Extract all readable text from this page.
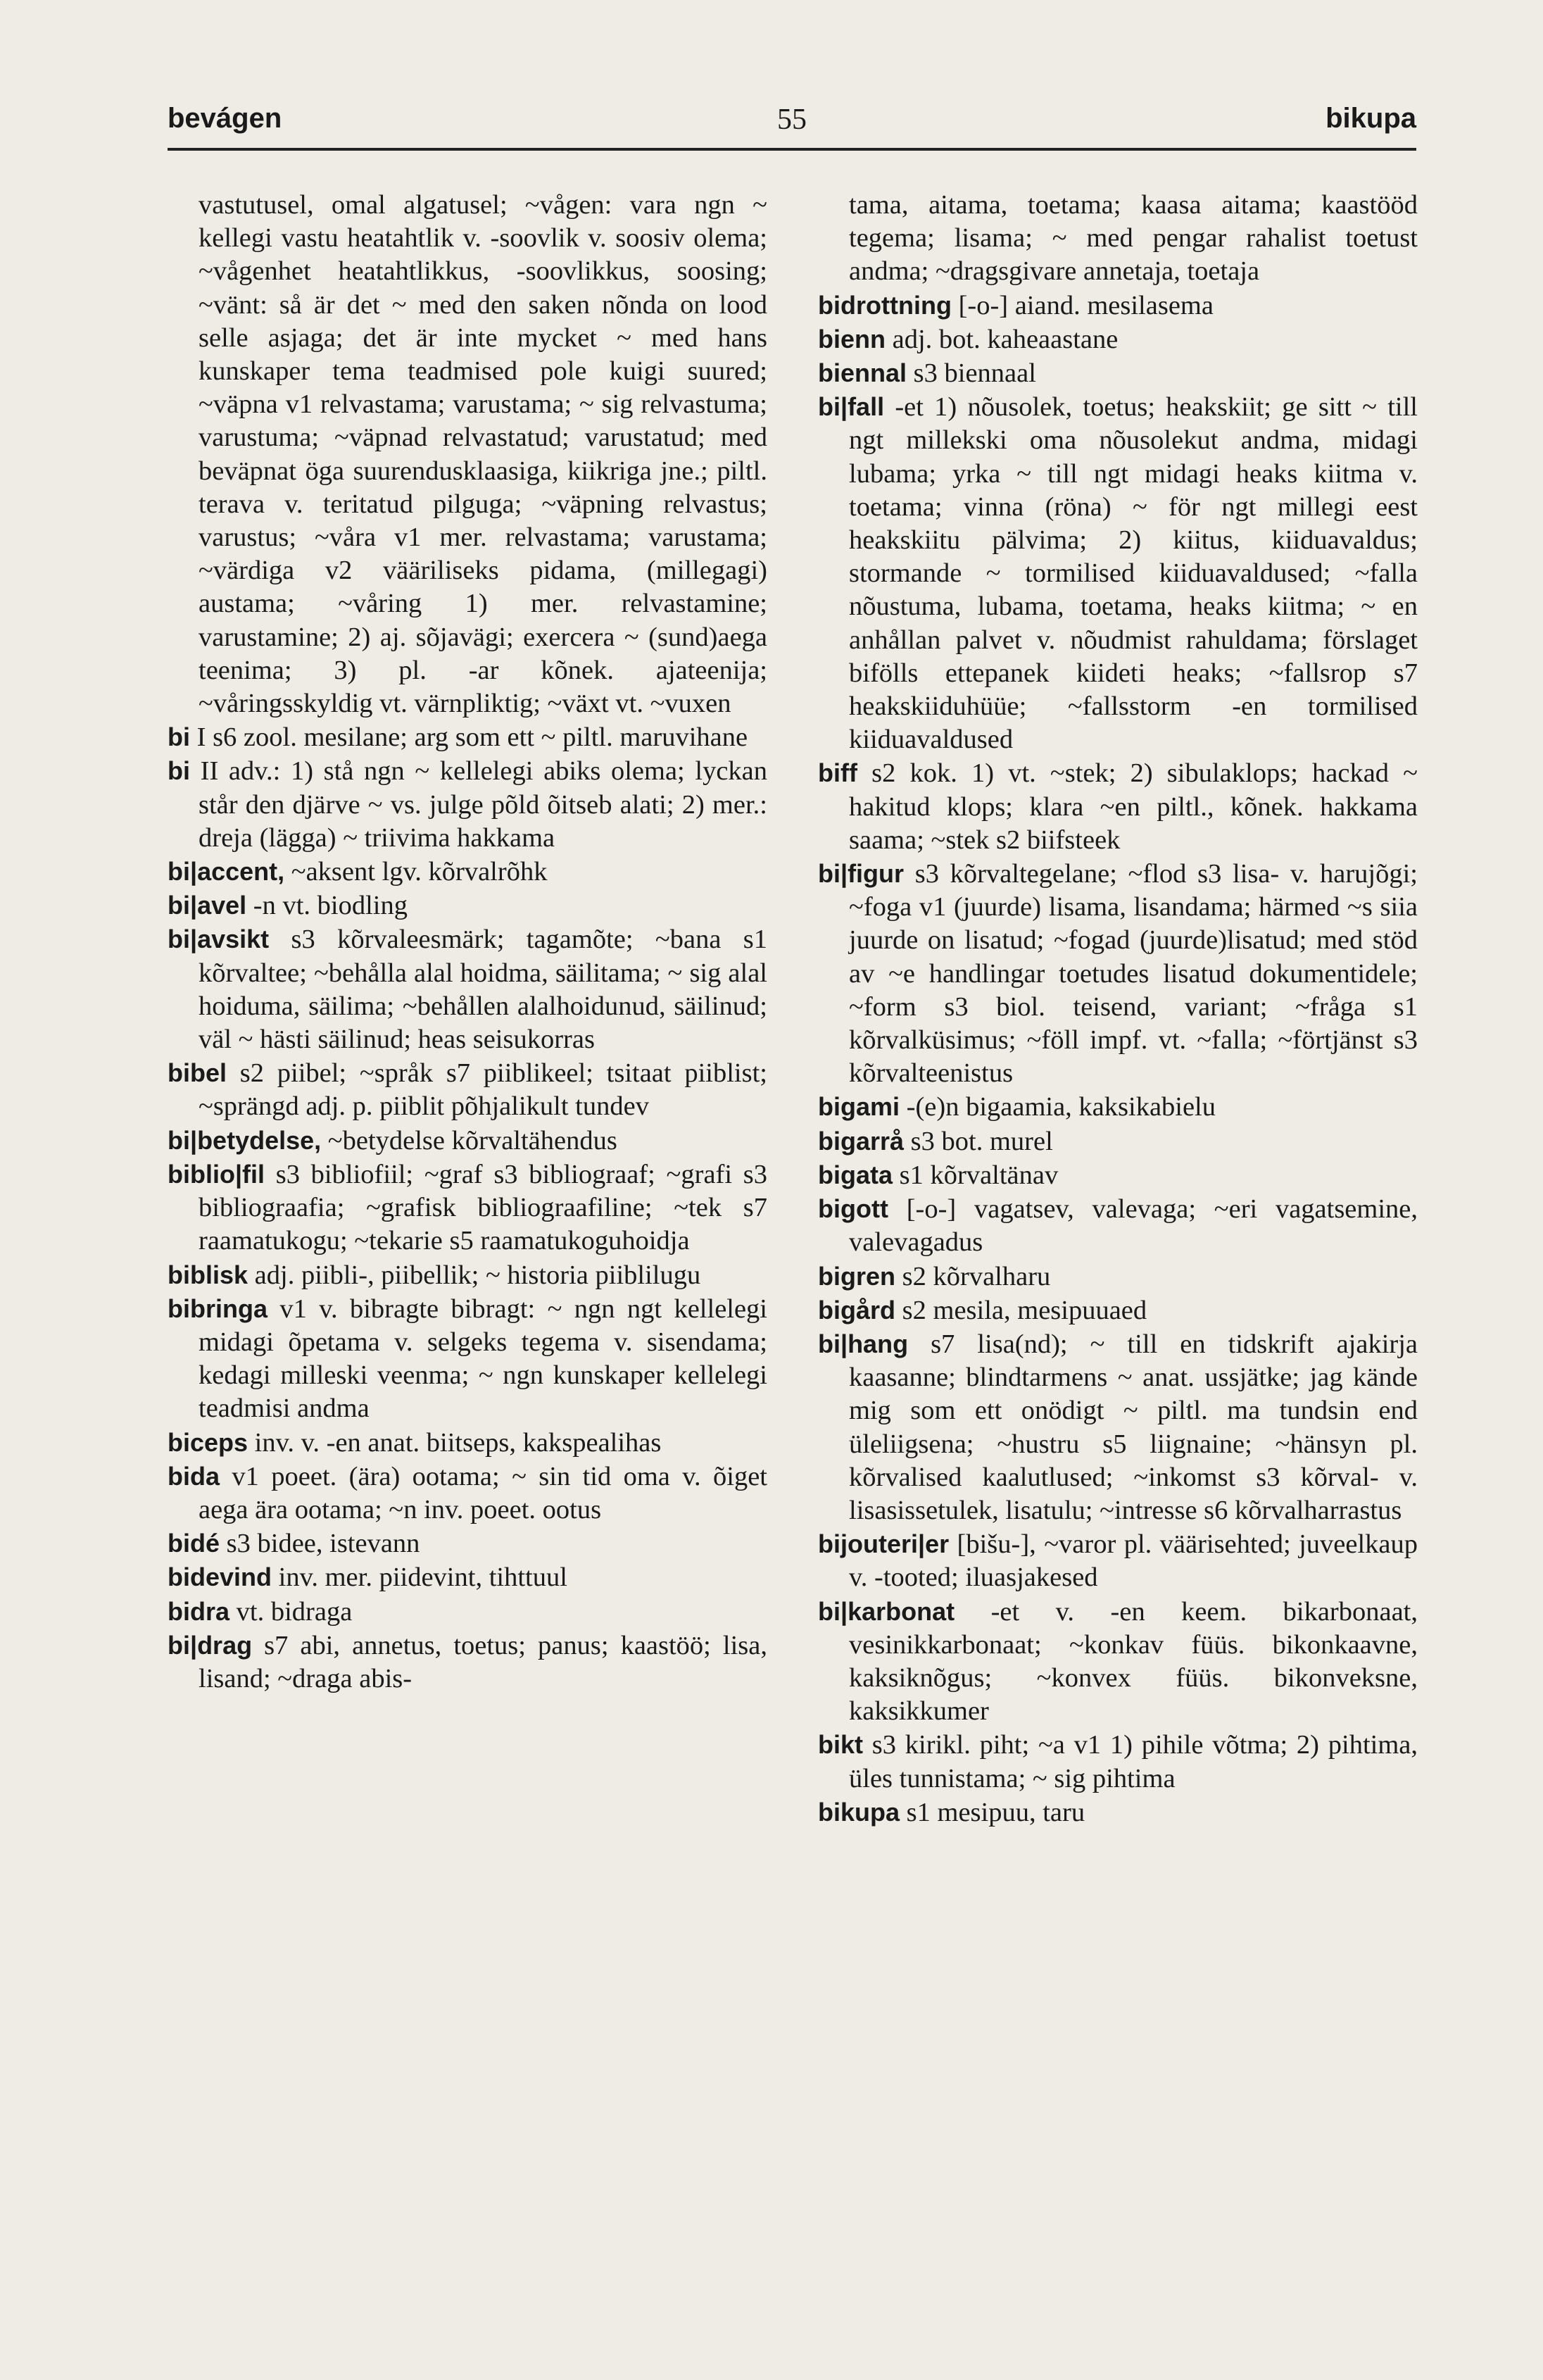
bevágen	55	bikupa

vastutusel, omal algatusel; ~vågen: vara ngn ~ kellegi vastu heatahtlik v. -soovlik v. soosiv olema; ~vågenhet heatahtlikkus, -soovlikkus, soosing; ~vänt: så är det ~ med den saken nõnda on lood selle asjaga; det är inte mycket ~ med hans kunskaper tema teadmised pole kuigi suured; ~väpna v1 relvastama; varustama; ~ sig relvastuma; varustuma; ~väpnad relvastatud; varustatud; med beväpnat öga suurendusklaasiga, kiikriga jne.; piltl. terava v. teritatud pilguga; ~väpning relvastus; varustus; ~våra v1 mer. relvastama; varustama; ~värdiga v2 vääriliseks pidama, (millegagi) austama; ~våring 1) mer. relvastamine; varustamine; 2) aj. sõjavägi; exercera ~ (sund)aega teenima; 3) pl. -ar kõnek. ajateenija; ~våringsskyldig vt. värnpliktig; ~växt vt. ~vuxen

bi I s6 zool. mesilane; arg som ett ~ piltl. maruvihane

bi II adv.: 1) stå ngn ~ kellelegi abiks olema; lyckan står den djärve ~ vs. julge põld õitseb alati; 2) mer.: dreja (lägga) ~ triivima hakkama

bi|accent, ~aksent lgv. kõrvalrõhk

bi|avel -n vt. biodling

bi|avsikt s3 kõrvaleesmärk; tagamõte; ~bana s1 kõrvaltee; ~behålla alal hoidma, säilitama; ~ sig alal hoiduma, säilima; ~behållen alalhoidunud, säilinud; väl ~ hästi säilinud; heas seisukorras

bibel s2 piibel; ~språk s7 piiblikeel; tsitaat piiblist; ~sprängd adj. p. piiblit põhjalikult tundev

bi|betydelse, ~betydelse kõrvaltähendus

biblio|fil s3 bibliofiil; ~graf s3 bibliograaf; ~grafi s3 bibliograafia; ~grafisk bibliograafiline; ~tek s7 raamatukogu; ~tekarie s5 raamatukoguhoidja

biblisk adj. piibli-, piibellik; ~ historia piiblilugu

bibringa v1 v. bibragte bibragt: ~ ngn ngt kellelegi midagi õpetama v. selgeks tegema v. sisendama; kedagi milleski veenma; ~ ngn kunskaper kellelegi teadmisi andma

biceps inv. v. -en anat. biitseps, kakspealihas

bida v1 poeet. (ära) ootama; ~ sin tid oma v. õiget aega ära ootama; ~n inv. poeet. ootus

bidé s3 bidee, istevann

bidevind inv. mer. piidevint, tihttuul

bidra vt. bidraga

bi|drag s7 abi, annetus, toetus; panus; kaastöö; lisa, lisand; ~draga abis-

tama, aitama, toetama; kaasa aitama; kaastööd tegema; lisama; ~ med pengar rahalist toetust andma; ~dragsgivare annetaja, toetaja

bidrottning [-o-] aiand. mesilasema

bienn adj. bot. kaheaastane

biennal s3 biennaal

bi|fall -et 1) nõusolek, toetus; heakskiit; ge sitt ~ till ngt millekski oma nõusolekut andma, midagi lubama; yrka ~ till ngt midagi heaks kiitma v. toetama; vinna (röna) ~ för ngt millegi eest heakskiitu pälvima; 2) kiitus, kiiduavaldus; stormande ~ tormilised kiiduavaldused; ~falla nõustuma, lubama, toetama, heaks kiitma; ~ en anhållan palvet v. nõudmist rahuldama; förslaget bifölls ettepanek kiideti heaks; ~fallsrop s7 heakskiiduhüüe; ~fallsstorm -en tormilised kiiduavaldused

biff s2 kok. 1) vt. ~stek; 2) sibulaklops; hackad ~ hakitud klops; klara ~en piltl., kõnek. hakkama saama; ~stek s2 biifsteek

bi|figur s3 kõrvaltegelane; ~flod s3 lisa- v. harujõgi; ~foga v1 (juurde) lisama, lisandama; härmed ~s siia juurde on lisatud; ~fogad (juurde)lisatud; med stöd av ~e handlingar toetudes lisatud dokumentidele; ~form s3 biol. teisend, variant; ~fråga s1 kõrvalküsimus; ~föll impf. vt. ~falla; ~förtjänst s3 kõrvalteenistus

bigami -(e)n bigaamia, kaksikabielu

bigarrå s3 bot. murel

bigata s1 kõrvaltänav

bigott [-o-] vagatsev, valevaga; ~eri vagatsemine, valevagadus

bigren s2 kõrvalharu

bigård s2 mesila, mesipuuaed

bi|hang s7 lisa(nd); ~ till en tidskrift ajakirja kaasanne; blindtarmens ~ anat. ussjätke; jag kände mig som ett onödigt ~ piltl. ma tundsin end üleliigsena; ~hustru s5 liignaine; ~hänsyn pl. kõrvalised kaalutlused; ~inkomst s3 kõrval- v. lisasissetulek, lisatulu; ~intresse s6 kõrvalharrastus

bijouteri|er [bišu-], ~varor pl. väärisehted; juveelkaup v. -tooted; iluasjakesed

bi|karbonat -et v. -en keem. bikarbonaat, vesinikkarbonaat; ~konkav füüs. bikonkaavne, kaksiknõgus; ~konvex füüs. bikonveksne, kaksikkumer

bikt s3 kirikl. piht; ~a v1 1) pihile võtma; 2) pihtima, üles tunnistama; ~ sig pihtima

bikupa s1 mesipuu, taru
